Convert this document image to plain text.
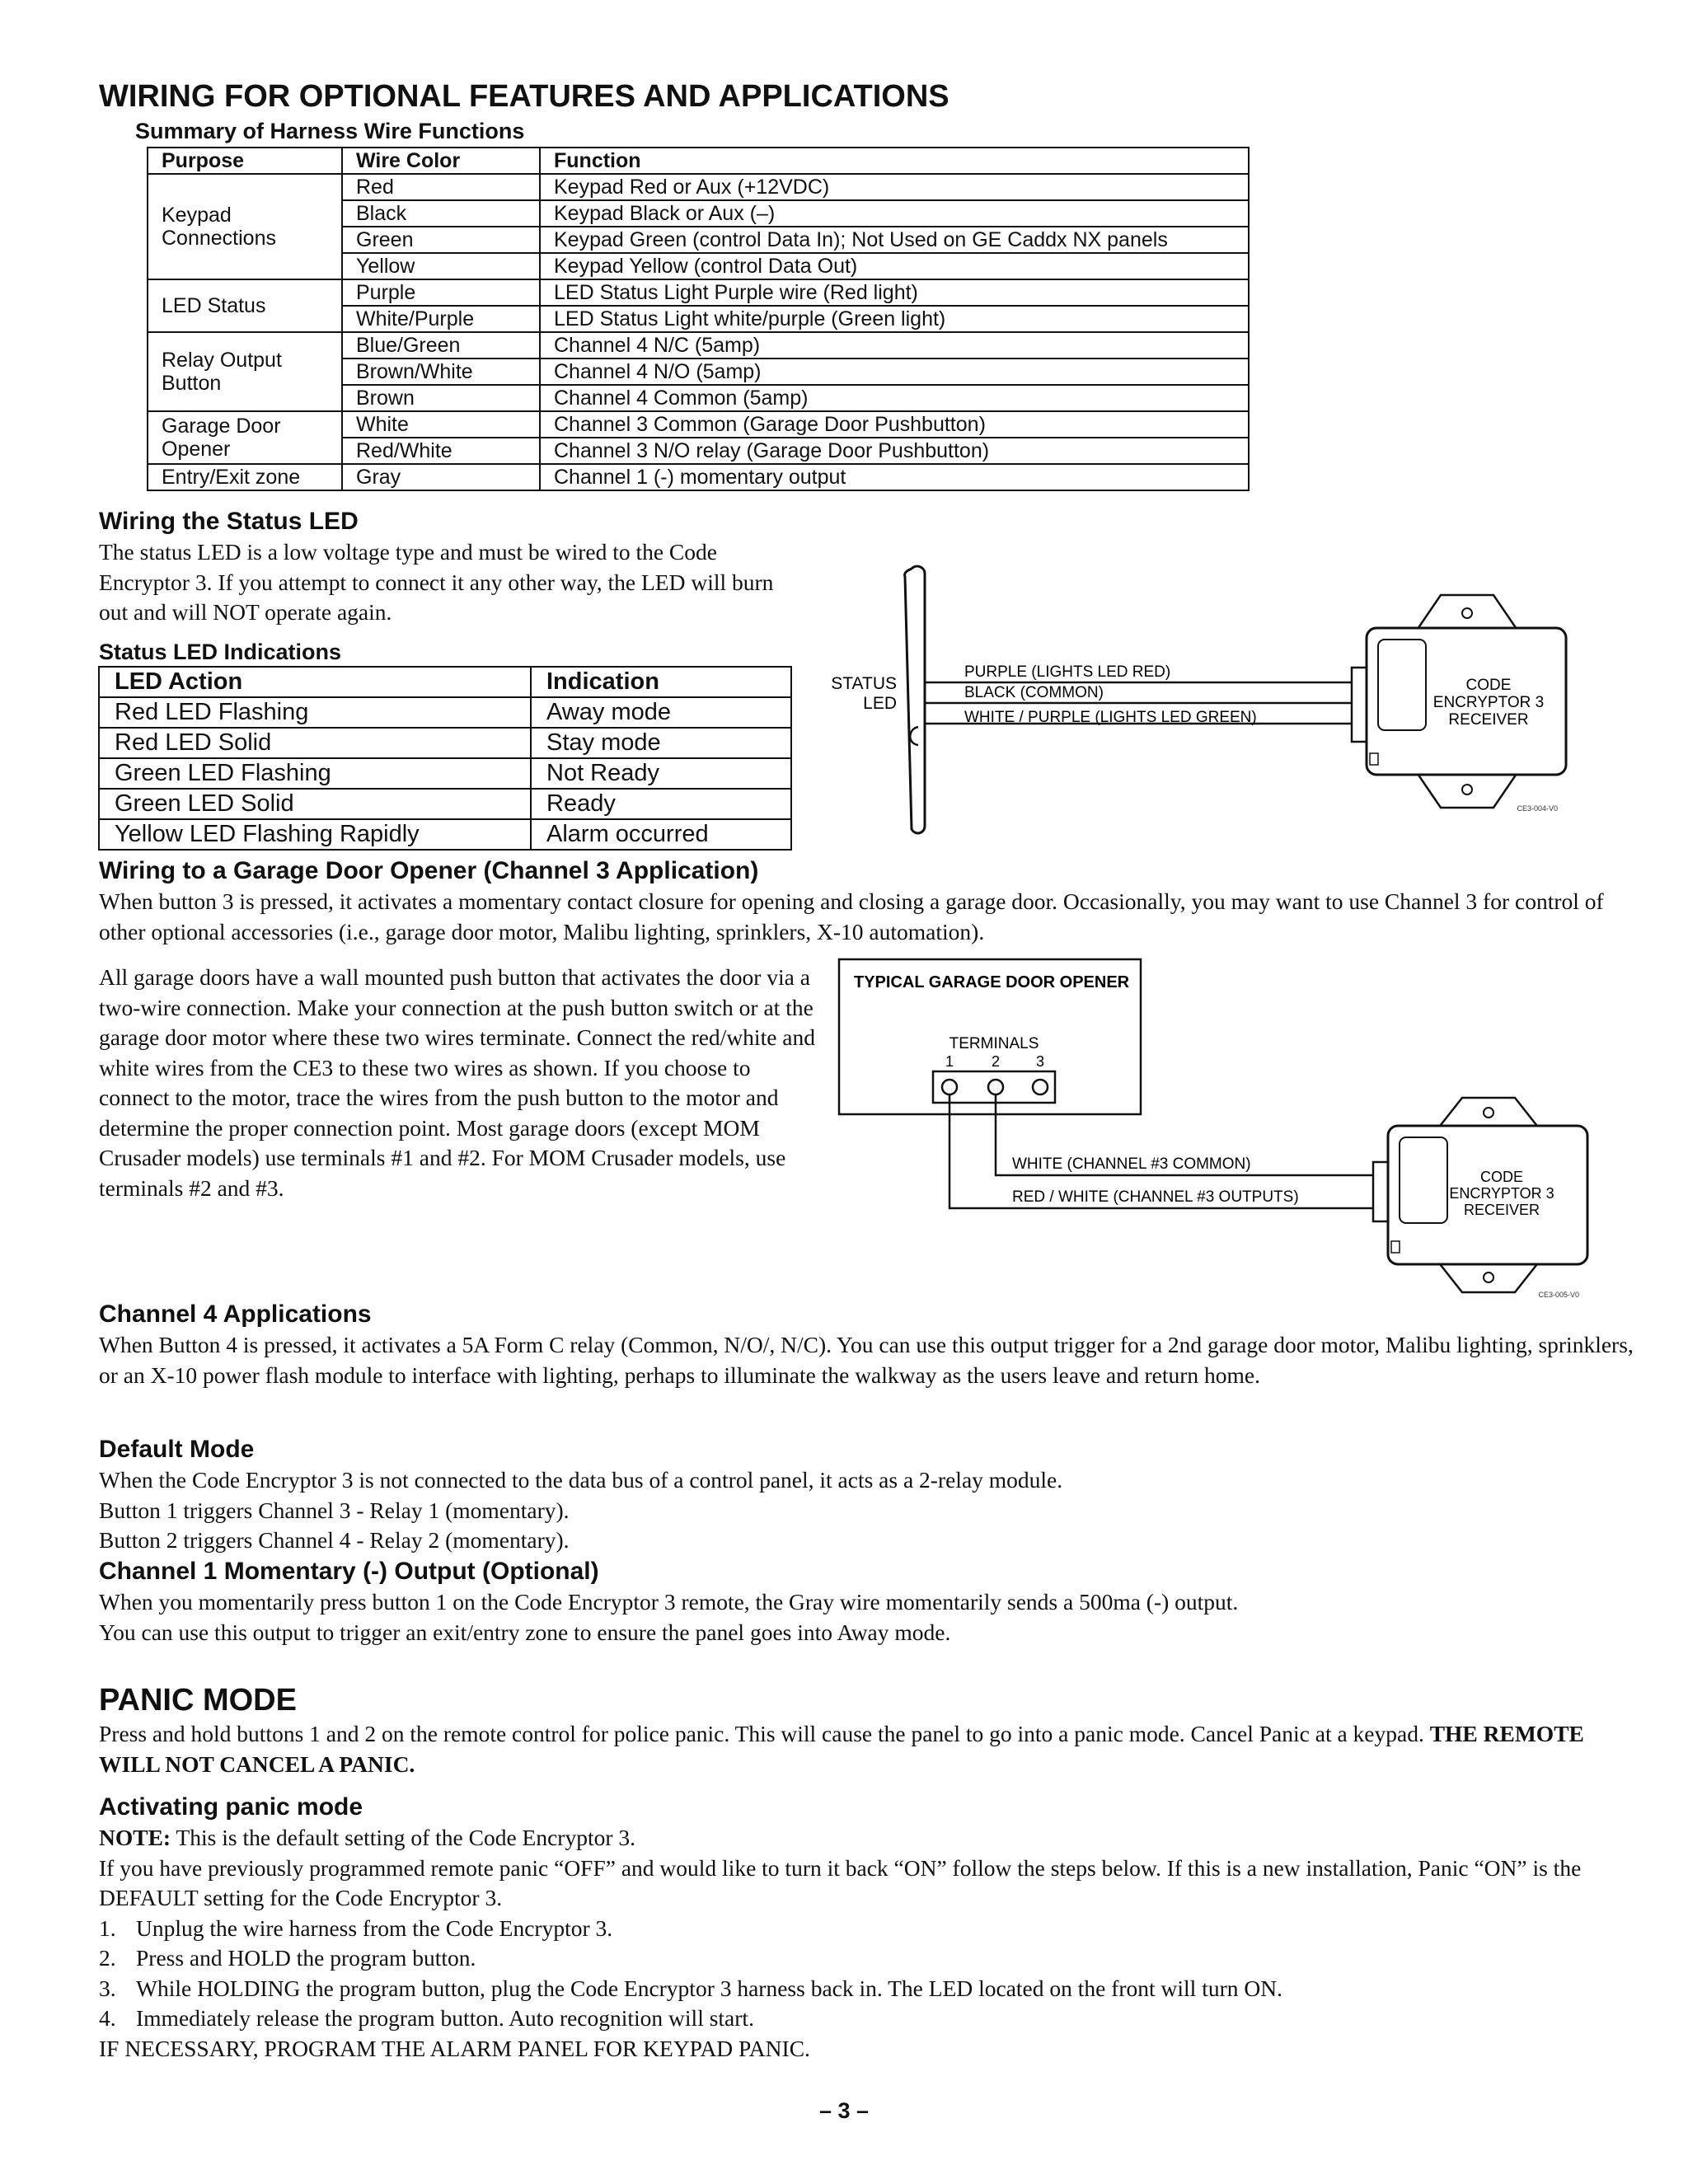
WIRING FOR OPTIONAL FEATURES AND APPLICATIONS
Summary of Harness Wire Functions
Purpose	Wire Color	Function
Keypad Connections	Red	Keypad Red or Aux (+12VDC)
	Black	Keypad Black or Aux (–)
	Green	Keypad Green (control Data In); Not Used on GE Caddx NX panels
	Yellow	Keypad Yellow (control Data Out)
LED Status	Purple	LED Status Light Purple wire (Red light)
	White/Purple	LED Status Light white/purple (Green light)
Relay Output Button	Blue/Green	Channel 4 N/C (5amp)
	Brown/White	Channel 4 N/O (5amp)
	Brown	Channel 4 Common (5amp)
Garage Door Opener	White	Channel 3 Common (Garage Door Pushbutton)
	Red/White	Channel 3 N/O relay (Garage Door Pushbutton)
Entry/Exit zone	Gray	Channel 1 (-) momentary output
Wiring the Status LED
The status LED is a low voltage type and must be wired to the Code Encryptor 3. If you attempt to connect it any other way, the LED will burn out and will NOT operate again.
Status LED Indications
LED Action	Indication
Red LED Flashing	Away mode
Red LED Solid	Stay mode
Green LED Flashing	Not Ready
Green LED Solid	Ready
Yellow LED Flashing Rapidly	Alarm occurred
STATUS
LED
PURPLE (LIGHTS LED RED)
BLACK (COMMON)
WHITE / PURPLE (LIGHTS LED GREEN)
CODE
ENCRYPTOR 3
RECEIVER
CE3-004-V0
Wiring to a Garage Door Opener (Channel 3 Application)
When button 3 is pressed, it activates a momentary contact closure for opening and closing a garage door. Occasionally, you may want to use Channel 3 for control of other optional accessories (i.e., garage door motor, Malibu lighting, sprinklers, X-10 automation).
All garage doors have a wall mounted push button that activates the door via a two-wire connection. Make your connection at the push button switch or at the garage door motor where these two wires terminate. Connect the red/white and white wires from the CE3 to these two wires as shown. If you choose to connect to the motor, trace the wires from the push button to the motor and determine the proper connection point. Most garage doors (except MOM Crusader models) use terminals #1 and #2. For MOM Crusader models, use terminals #2 and #3.
TYPICAL GARAGE DOOR OPENER
TERMINALS
1	2 3
WHITE (CHANNEL #3 COMMON)
RED / WHITE (CHANNEL #3 OUTPUTS)
CODE
ENCRYPTOR 3
RECEIVER
CE3-005-V0
Channel 4 Applications
When Button 4 is pressed, it activates a 5A Form C relay (Common, N/O/, N/C). You can use this output trigger for a 2nd garage door motor, Malibu lighting, sprinklers, or an X-10 power flash module to interface with lighting, perhaps to illuminate the walkway as the users leave and return home.
Default Mode
When the Code Encryptor 3 is not connected to the data bus of a control panel, it acts as a 2-relay module.
Button 1 triggers Channel 3 - Relay 1 (momentary).
Button 2 triggers Channel 4 - Relay 2 (momentary).
Channel 1 Momentary (-) Output (Optional)
When you momentarily press button 1 on the Code Encryptor 3 remote, the Gray wire momentarily sends a 500ma (-) output.
You can use this output to trigger an exit/entry zone to ensure the panel goes into Away mode.
PANIC MODE
Press and hold buttons 1 and 2 on the remote control for police panic. This will cause the panel to go into a panic mode. Cancel Panic at a keypad. THE REMOTE WILL NOT CANCEL A PANIC.
Activating panic mode
NOTE: This is the default setting of the Code Encryptor 3.
If you have previously programmed remote panic “OFF” and would like to turn it back “ON” follow the steps below. If this is a new installation, Panic “ON” is the DEFAULT setting for the Code Encryptor 3.
1. Unplug the wire harness from the Code Encryptor 3.
2. Press and HOLD the program button.
3. While HOLDING the program button, plug the Code Encryptor 3 harness back in. The LED located on the front will turn ON.
4. Immediately release the program button. Auto recognition will start.
IF NECESSARY, PROGRAM THE ALARM PANEL FOR KEYPAD PANIC.
– 3 –
